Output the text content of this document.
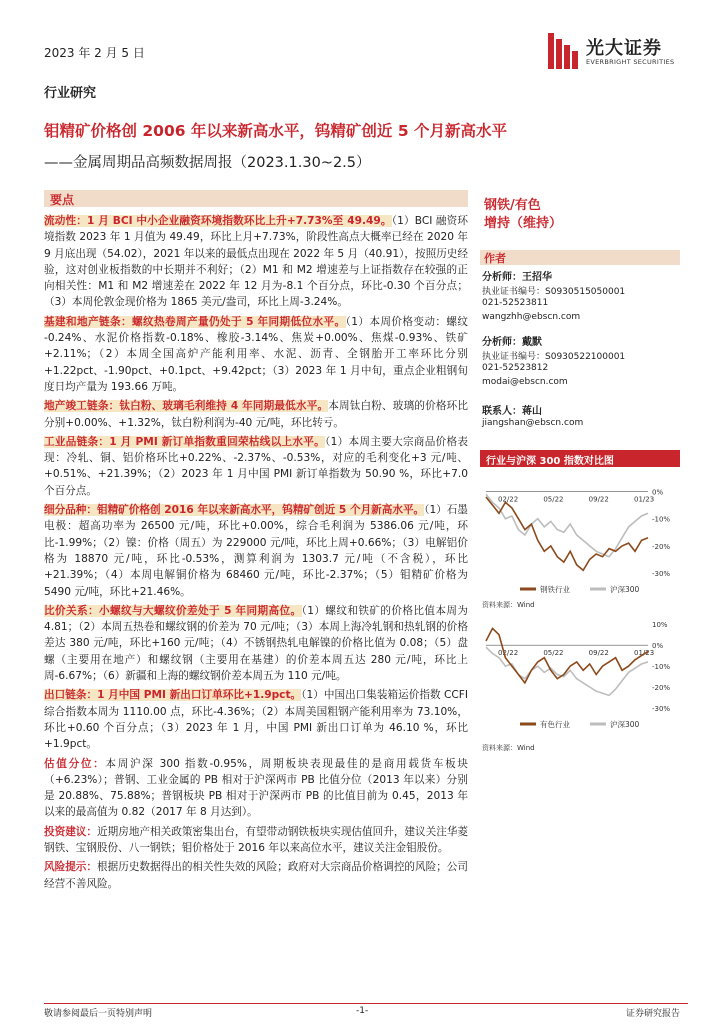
2023 年 2 月 5 日	光大证券
EVERBRIGHT SECURITIES
行业研究
钼精矿价格创 2006 年以来新高水平，钨精矿创近 5 个月新高水平
——金属周期品高频数据周报（2023.1.30~2.5）
要点

流动性：1 月 BCI 中小企业融资环境指数环比上升+7.73%至 49.49。（1）BCI 融资环境指数 2023 年 1 月值为 49.49，环比上月+7.73%，阶段性高点大概率已经在 2020 年 9 月底出现（54.02），2021 年以来的最低点出现在 2022 年 5 月（40.91），按照历史经验，这对创业板指数的中长期并不利好；（2）M1 和 M2 增速差与上证指数存在较强的正向相关性：M1 和 M2 增速差在 2022 年 12 月为-8.1 个百分点，环比-0.30 个百分点；（3）本周伦敦金现价格为 1865 美元/盎司，环比上周-3.24%。

基建和地产链条：螺纹热卷周产量仍处于 5 年同期低位水平。（1）本周价格变动：螺纹 -0.24%、水泥价格指数-0.18%、橡胶-3.14%、焦炭+0.00%、焦煤-0.93%、铁矿+2.11%；（2）本周全国高炉产能利用率、水泥、沥青、全钢胎开工率环比分别+1.22pct、-1.90pct、+0.1pct、+9.42pct；（3）2023 年 1 月中旬，重点企业粗钢旬度日均产量为 193.66 万吨。

地产竣工链条：钛白粉、玻璃毛利维持 4 年同期最低水平。本周钛白粉、玻璃的价格环比分别+0.00%、+1.32%，钛白粉利润为-40 元/吨，环比转亏。

工业品链条：1 月 PMI 新订单指数重回荣枯线以上水平。（1）本周主要大宗商品价格表现：冷轧、铜、铝价格环比+0.22%、-2.37%、-0.53%，对应的毛利变化+3 元/吨、+0.51%、+21.39%；（2）2023 年 1 月中国 PMI 新订单指数为 50.90 %，环比+7.0 个百分点。

细分品种：钼精矿价格创 2016 年以来新高水平，钨精矿创近 5 个月新高水平。（1）石墨电极：超高功率为 26500 元/吨，环比+0.00%，综合毛利润为 5386.06 元/吨，环比-1.99%；（2）镍：价格（周五）为 229000 元/吨，环比上周+0.66%；（3）电解铝价格为 18870 元/吨，环比-0.53%，测算利润为 1303.7 元/吨（不含税），环比+21.39%；（4）本周电解铜价格为 68460 元/吨，环比-2.37%；（5）钼精矿价格为 5490 元/吨，环比+21.46%。

比价关系：小螺纹与大螺纹价差处于 5 年同期高位。（1）螺纹和铁矿的价格比值本周为 4.81；（2）本周五热卷和螺纹钢的价差为 70 元/吨；（3）本周上海冷轧钢和热轧钢的价格差达 380 元/吨，环比+160 元/吨；（4）不锈钢热轧电解镍的价格比值为 0.08；（5）盘螺（主要用在地产）和螺纹钢（主要用在基建）的价差本周五达 280 元/吨，环比上周-6.67%；（6）新疆和上海的螺纹钢价差本周五为 110 元/吨。

出口链条：1 月中国 PMI 新出口订单环比+1.9pct。（1）中国出口集装箱运价指数 CCFI 综合指数本周为 1110.00 点，环比-4.36%；（2）本周美国粗钢产能利用率为 73.10%，环比+0.60 个百分点；（3）2023 年 1 月，中国 PMI 新出口订单为 46.10 %，环比+1.9pct。

估值分位：本周沪深 300 指数-0.95%，周期板块表现最佳的是商用载货车板块（+6.23%）；普钢、工业金属的 PB 相对于沪深两市 PB 比值分位（2013 年以来）分别是 20.88%、75.88%；普钢板块 PB 相对于沪深两市 PB 的比值目前为 0.45，2013 年以来的最高值为 0.82（2017 年 8 月达到）。

投资建议：近期房地产相关政策密集出台，有望带动钢铁板块实现估值回升，建议关注华菱钢铁、宝钢股份、八一钢铁；钼价格处于 2016 年以来高位水平，建议关注金钼股份。

风险提示：根据历史数据得出的相关性失效的风险；政府对大宗商品价格调控的风险；公司经营不善风险。

钢铁/有色
增持（维持）
作者
分析师：王招华
执业证书编号：S0930515050001
021-52523811
wangzhh@ebscn.com
分析师：戴默
执业证书编号：S0930522100001
021-52523812
modai@ebscn.com
联系人：蒋山
jiangshan@ebscn.com
行业与沪深 300 指数对比图
0%
-10%
-20%
-30%
02/22	05/22	09/22	01/23
钢铁行业	沪深300
资料来源：Wind
10%
0%
-10%
-20%
-30%
02/22	05/22	09/22	01/23
有色行业	沪深300
资料来源：Wind
敬请参阅最后一页特别声明	-1-	证券研究报告
